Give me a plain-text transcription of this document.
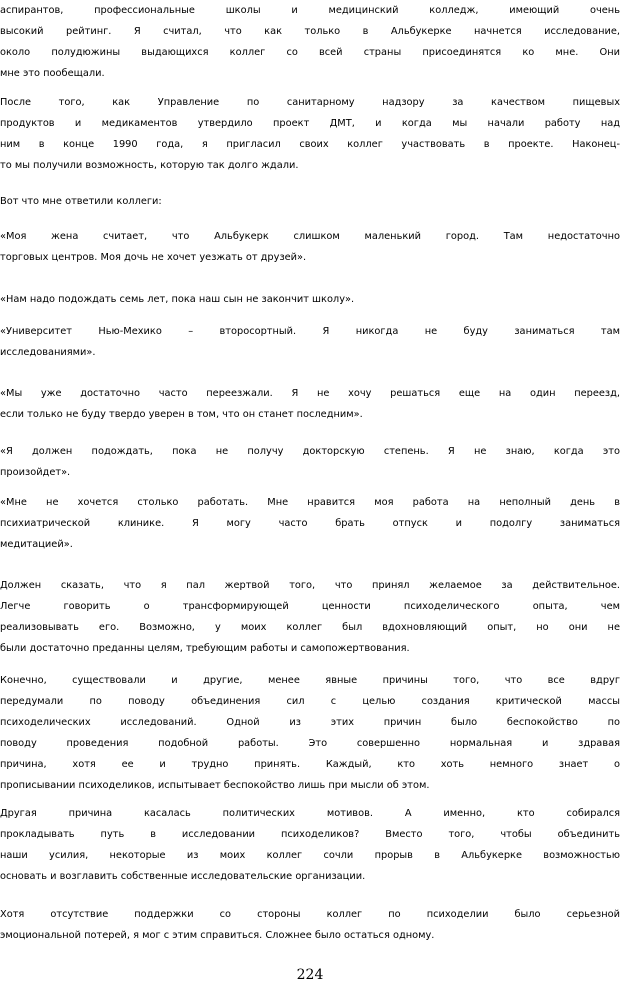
аспирантов, профессиональные школы и медицинский колледж, имеющий очень
высокий рейтинг. Я считал, что как только в Альбукерке начнется исследование,
около полудюжины выдающихся коллег со всей страны присоединятся ко мне. Они
мне это пообещали.
После того, как Управление по санитарному надзору за качеством пищевых
продуктов и медикаментов утвердило проект ДМТ, и когда мы начали работу над
ним в конце 1990 года, я пригласил своих коллег участвовать в проекте. Наконец-
то мы получили возможность, которую так долго ждали.
Вот что мне ответили коллеги:
«Моя жена считает, что Альбукерк слишком маленький город. Там недостаточно
торговых центров. Моя дочь не хочет уезжать от друзей».
«Нам надо подождать семь лет, пока наш сын не закончит школу».
«Университет Нью-Мехико – второсортный. Я никогда не буду заниматься там
исследованиями».
«Мы уже достаточно часто переезжали. Я не хочу решаться еще на один переезд,
если только не буду твердо уверен в том, что он станет последним».
«Я должен подождать, пока не получу докторскую степень. Я не знаю, когда это
произойдет».
«Мне не хочется столько работать. Мне нравится моя работа на неполный день в
психиатрической клинике. Я могу часто брать отпуск и подолгу заниматься
медитацией».
Должен сказать, что я пал жертвой того, что принял желаемое за действительное.
Легче говорить о трансформирующей ценности психоделического опыта, чем
реализовывать его. Возможно, у моих коллег был вдохновляющий опыт, но они не
были достаточно преданны целям, требующим работы и самопожертвования.
Конечно, существовали и другие, менее явные причины того, что все вдруг
передумали по поводу объединения сил с целью создания критической массы
психоделических исследований. Одной из этих причин было беспокойство по
поводу проведения подобной работы. Это совершенно нормальная и здравая
причина, хотя ее и трудно принять. Каждый, кто хоть немного знает о
прописывании психоделиков, испытывает беспокойство лишь при мысли об этом.
Другая причина касалась политических мотивов. А именно, кто собирался
прокладывать путь в исследовании психоделиков? Вместо того, чтобы объединить
наши усилия, некоторые из моих коллег сочли прорыв в Альбукерке возможностью
основать и возглавить собственные исследовательские организации.
Хотя отсутствие поддержки со стороны коллег по психоделии было серьезной
эмоциональной потерей, я мог с этим справиться. Сложнее было остаться одному.
224
